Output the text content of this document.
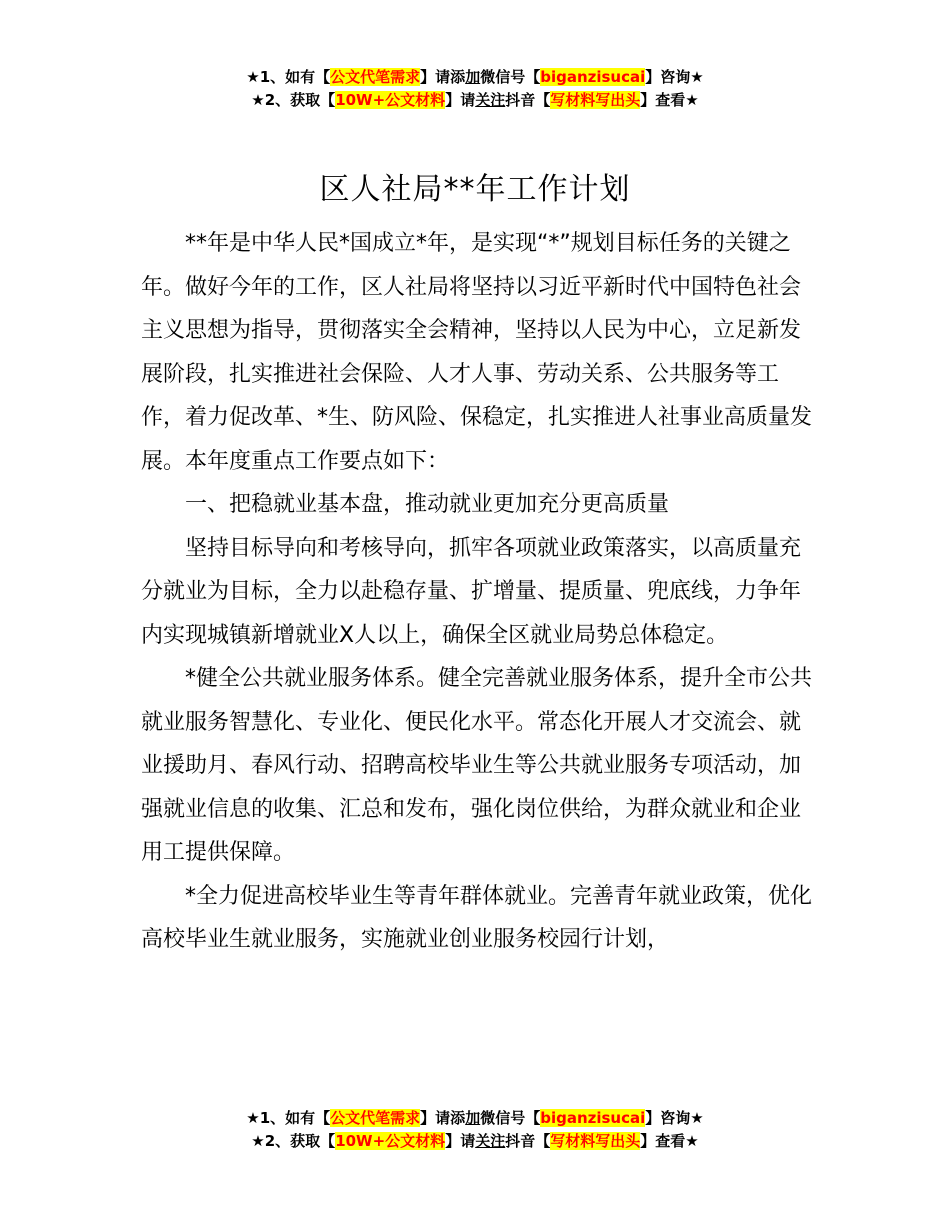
★1、如有【公文代笔需求】请添加微信号【biganzisucai】咨询★
★2、获取【10W+公文材料】请关注抖音【写材料写出头】查看★
区人社局**年工作计划

**年是中华人民*国成立*年，是实现“*”规划目标任务的关键之年。做好今年的工作，区人社局将坚持以习近平新时代中国特色社会主义思想为指导，贯彻落实全会精神，坚持以人民为中心，立足新发展阶段，扎实推进社会保险、人才人事、劳动关系、公共服务等工作，着力促改革、*生、防风险、保稳定，扎实推进人社事业高质量发展。本年度重点工作要点如下：

一、把稳就业基本盘，推动就业更加充分更高质量

坚持目标导向和考核导向，抓牢各项就业政策落实，以高质量充分就业为目标，全力以赴稳存量、扩增量、提质量、兜底线，力争年内实现城镇新增就业X人以上，确保全区就业局势总体稳定。

*健全公共就业服务体系。健全完善就业服务体系，提升全市公共就业服务智慧化、专业化、便民化水平。常态化开展人才交流会、就业援助月、春风行动、招聘高校毕业生等公共就业服务专项活动，加强就业信息的收集、汇总和发布，强化岗位供给，为群众就业和企业用工提供保障。

*全力促进高校毕业生等青年群体就业。完善青年就业政策，优化高校毕业生就业服务，实施就业创业服务校园行计划，

★1、如有【公文代笔需求】请添加微信号【biganzisucai】咨询★
★2、获取【10W+公文材料】请关注抖音【写材料写出头】查看★
